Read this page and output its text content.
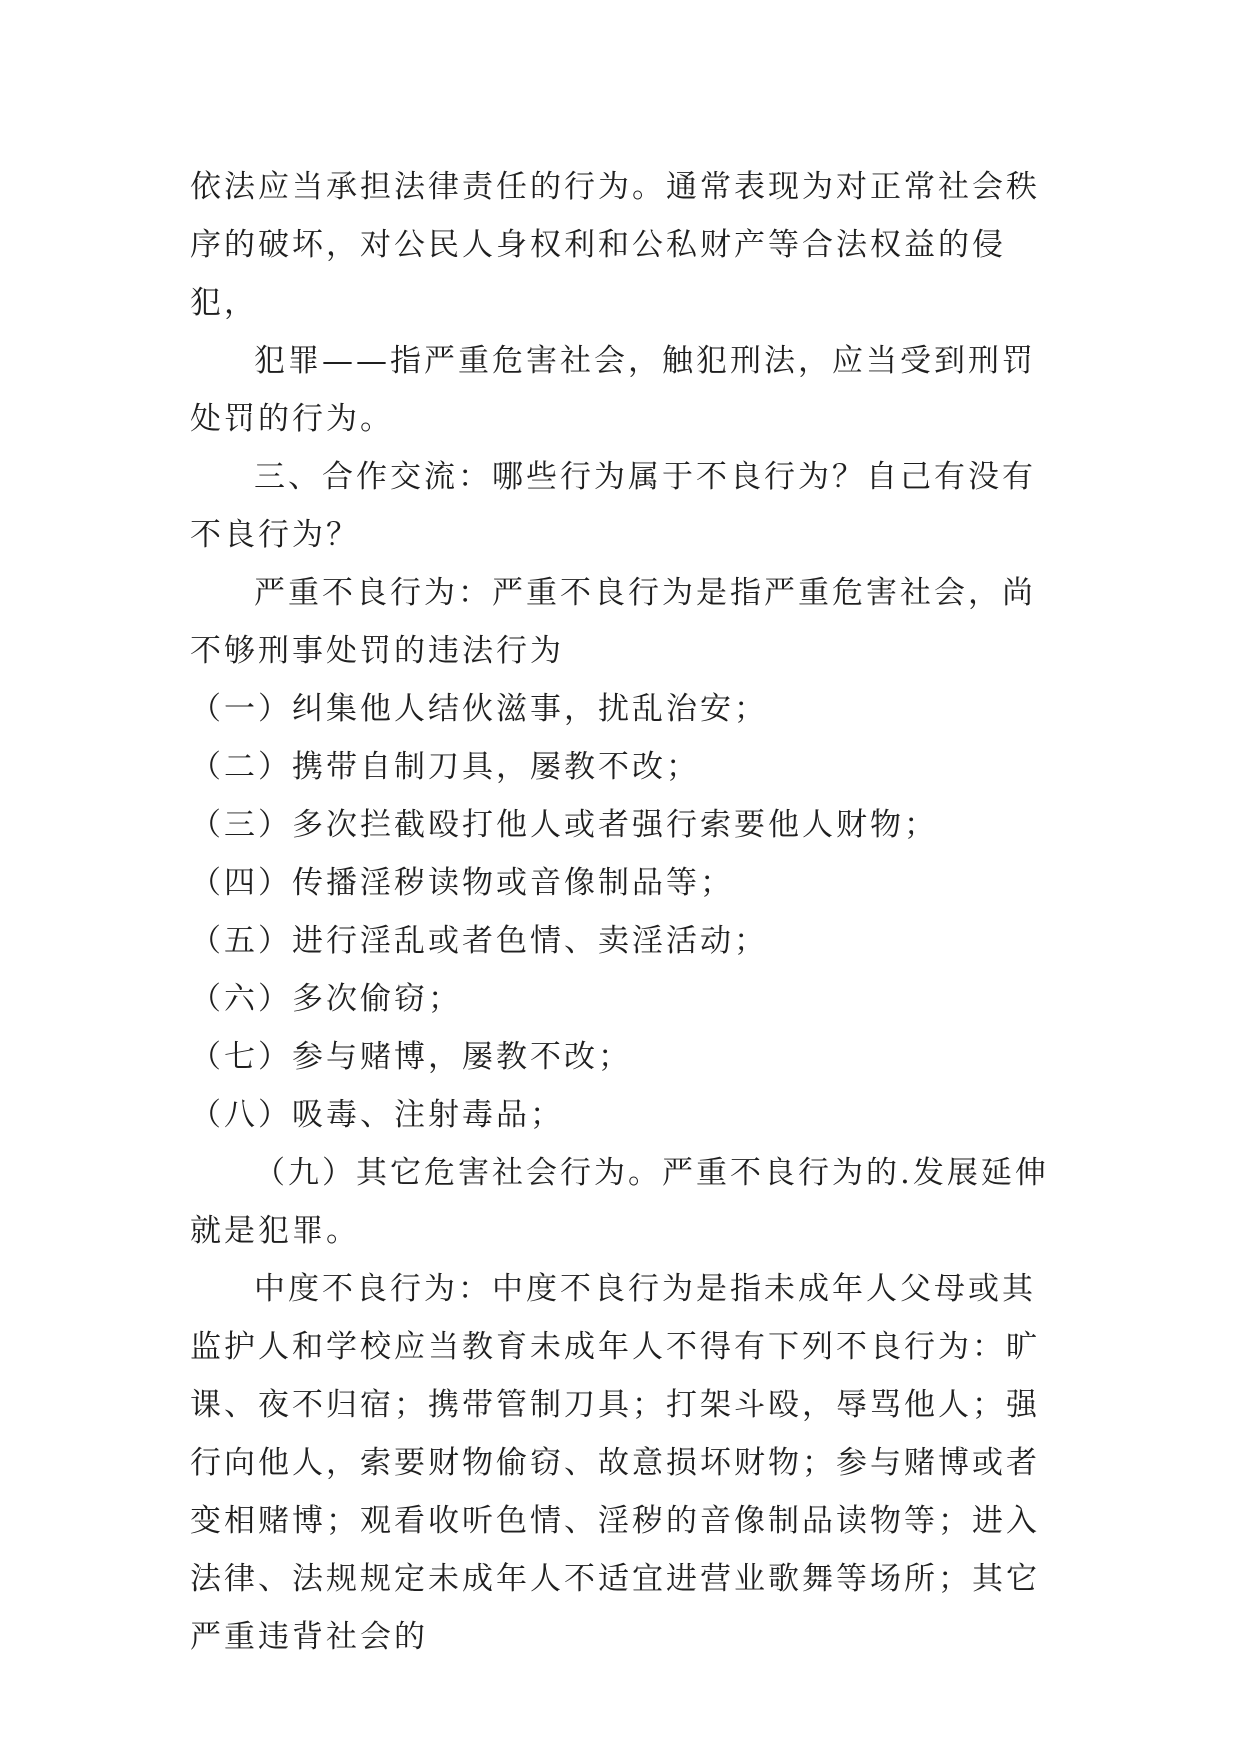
依法应当承担法律责任的行为。通常表现为对正常社会秩序的破坏，对公民人身权利和公私财产等合法权益的侵犯，

犯罪——指严重危害社会，触犯刑法，应当受到刑罚处罚的行为。

三、合作交流：哪些行为属于不良行为？自己有没有不良行为？

严重不良行为：严重不良行为是指严重危害社会，尚不够刑事处罚的违法行为

（一）纠集他人结伙滋事，扰乱治安；

（二）携带自制刀具，屡教不改；

（三）多次拦截殴打他人或者强行索要他人财物；

（四）传播淫秽读物或音像制品等；

（五）进行淫乱或者色情、卖淫活动；

（六）多次偷窃；

（七）参与赌博，屡教不改；

（八）吸毒、注射毒品；

（九）其它危害社会行为。严重不良行为的.发展延伸就是犯罪。

中度不良行为：中度不良行为是指未成年人父母或其监护人和学校应当教育未成年人不得有下列不良行为：旷课、夜不归宿；携带管制刀具；打架斗殴，辱骂他人；强行向他人，索要财物偷窃、故意损坏财物；参与赌博或者变相赌博；观看收听色情、淫秽的音像制品读物等；进入法律、法规规定未成年人不适宜进营业歌舞等场所；其它严重违背社会的
